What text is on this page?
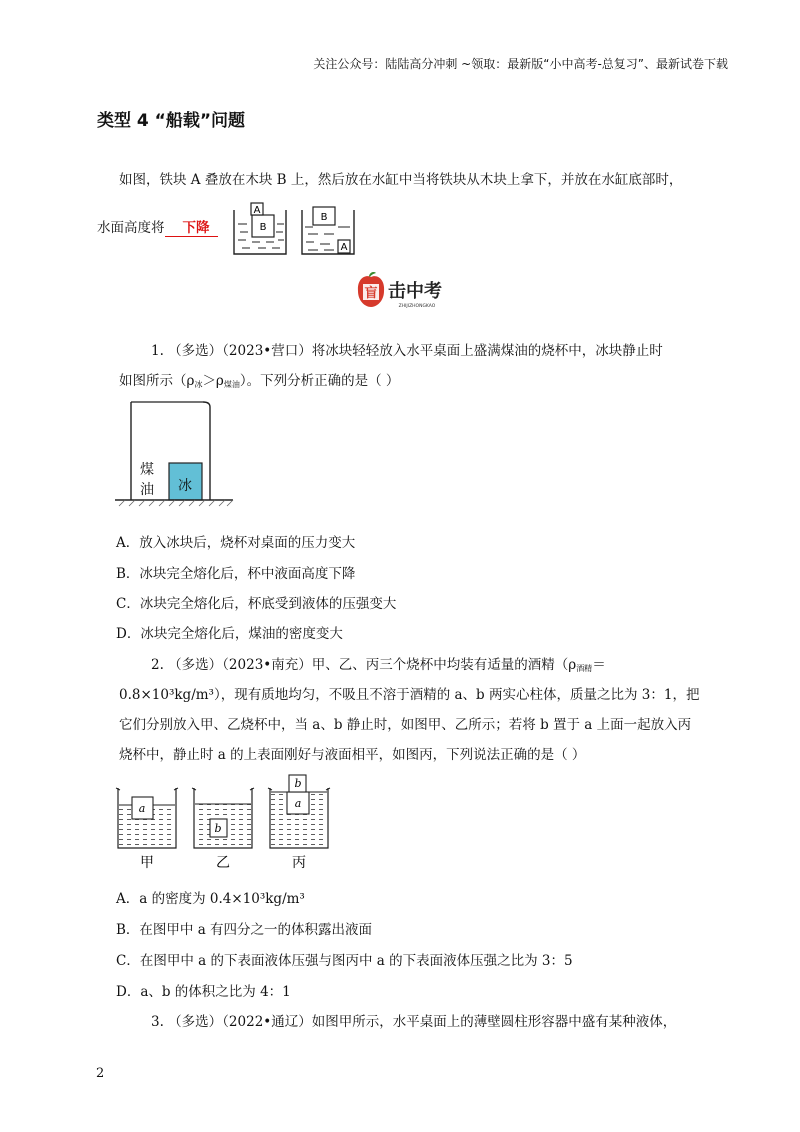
关注公众号：陆陆高分冲刺 ~领取：最新版“小中高考-总复习”、最新试卷下载
类型 4 “船载”问题
如图，铁块 A 叠放在木块 B 上，然后放在水缸中当将铁块从木块上拿下，并放在水缸底部时，
水面高度将 下降
A
B
B
A
盲 击中考
ZHIJIZHONGKAO
1. （多选）（2023•营口）将冰块轻轻放入水平桌面上盛满煤油的烧杯中，冰块静止时
如图所示（ρ冰＞ρ煤油）。下列分析正确的是（ ）
冰
煤
油
A．放入冰块后，烧杯对桌面的压力变大
B．冰块完全熔化后，杯中液面高度下降
C．冰块完全熔化后，杯底受到液体的压强变大
D．冰块完全熔化后，煤油的密度变大
2. （多选）（2023•南充）甲、乙、丙三个烧杯中均装有适量的酒精（ρ酒精＝
0.8×10³kg/m³），现有质地均匀，不吸且不溶于酒精的 a、b 两实心柱体，质量之比为 3：1，把
它们分别放入甲、乙烧杯中，当 a、b 静止时，如图甲、乙所示；若将 b 置于 a 上面一起放入丙
烧杯中，静止时 a 的上表面刚好与液面相平，如图丙，下列说法正确的是（ ）
a
b
a
b
甲	乙	丙
A．a 的密度为 0.4×10³kg/m³
B．在图甲中 a 有四分之一的体积露出液面
C．在图甲中 a 的下表面液体压强与图丙中 a 的下表面液体压强之比为 3：5
D．a、b 的体积之比为 4：1
3. （多选）（2022•通辽）如图甲所示，水平桌面上的薄壁圆柱形容器中盛有某种液体，
2
